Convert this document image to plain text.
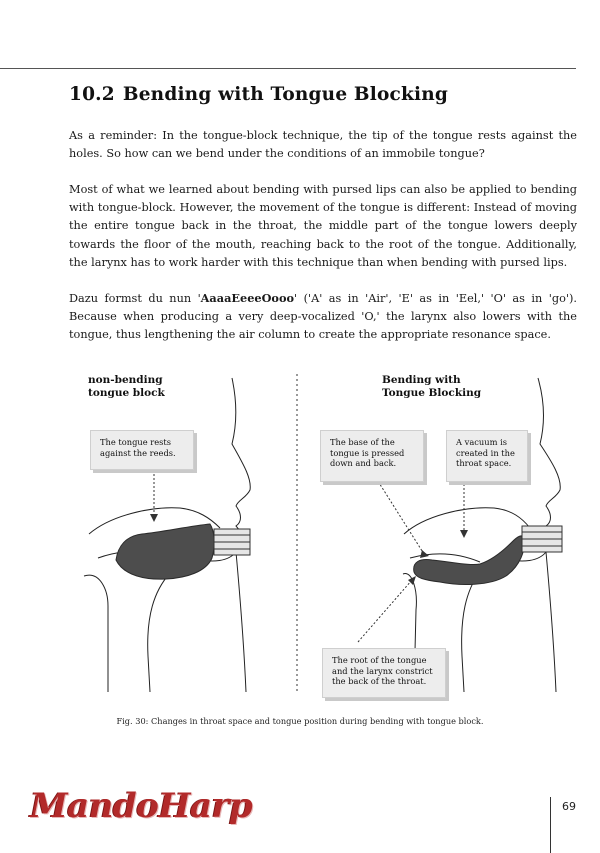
10.2 Bending with Tongue Blocking

As a reminder: In the tongue-block technique, the tip of the tongue rests against the holes. So how can we bend under the conditions of an immobile tongue?

Most of what we learned about bending with pursed lips can also be applied to bending with tongue-block. However, the movement of the tongue is different: Instead of moving the entire tongue back in the throat, the middle part of the tongue lowers deeply towards the floor of the mouth, reaching back to the root of the tongue. Additionally, the larynx has to work harder with this technique than when bending with pursed lips.

Dazu formst du nun 'AaaaEeeeOooo' ('A' as in 'Air', 'E' as in 'Eel,' 'O' as in 'go'). Because when producing a very deep-vocalized 'O,' the larynx also lowers with the tongue, thus lengthening the air column to create the appropriate resonance space.

non-bending
tongue block

The tongue rests against the reeds.

Bending with
Tongue Blocking

The base of the tongue is pressed down and back.
A vacuum is created in the throat space.
The root of the tongue and the larynx constrict the back of the throat.

Fig. 30: Changes in throat space and tongue position during bending with tongue block.

MandoHarp	69
